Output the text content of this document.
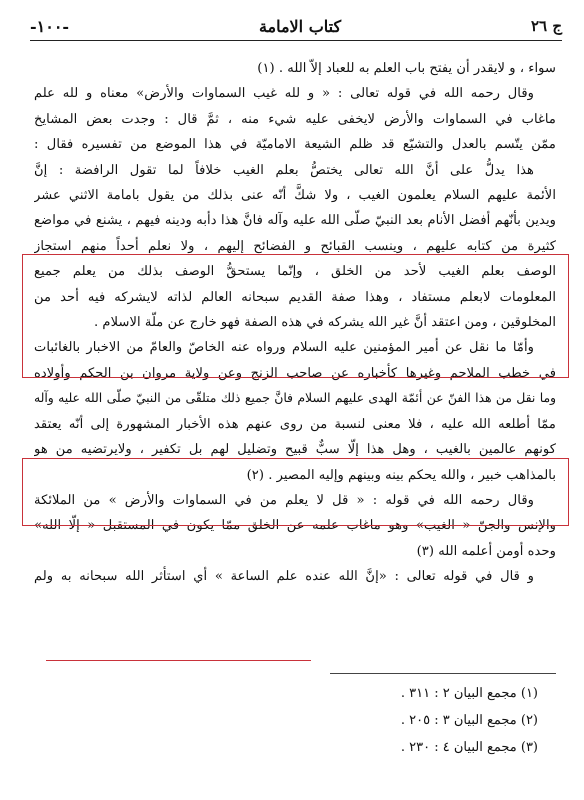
-١٠٠-	كتاب الامامة	ج ٢٦
سواء ، و لايقدر أن يفتح باب العلم به للعباد إلاّ الله . (١)
وقال رحمه الله في قوله تعالى : « و لله غيب السماوات والأرض» معناه و لله علم
ماغاب في السماوات والأرض لايخفى عليه شيء منه ، ثمَّ قال : وجدت بعض المشايخ
ممّن يتّسم بالعدل والتشيّع قد ظلم الشيعة الاماميّة في هذا الموضع من تفسيره فقال :
هذا يدلُّ على أنَّ الله تعالى يختصُّ بعلم الغيب خلافاً لما تقول الرافضة : إنَّ
الأئمة عليهم السلام يعلمون الغيب ، ولا شكَّ أنّه عنى بذلك من يقول بامامة الاثني عشر
ويدين بأنّهم أفضل الأنام بعد النبيّ صلّى الله عليه وآله فانَّ هذا دأبه ودينه فيهم ، يشنع في مواضع
كثيرة من كتابه عليهم ، وينسب القبائح و الفضائح إليهم ، ولا نعلم أحداً منهم استجاز
الوصف بعلم الغيب لأحد من الخلق ، وإنّما يستحقُّ الوصف بذلك من يعلم جميع
المعلومات لابعلم مستفاد ، وهذا صفة القديم سبحانه العالم لذاته لايشركه فيه أحد من
المخلوقين ، ومن اعتقد أنَّ غير الله يشركه في هذه الصفة فهو خارج عن ملّة الاسلام .
وأمّا ما نقل عن أمير المؤمنين عليه السلام ورواه عنه الخاصّ والعامّ من الاخبار بالغائبات
في خطب الملاحم وغيرها كأخباره عن صاحب الزنج وعن ولاية مروان بن الحكم وأولاده
وما نقل من هذا الفنّ عن أئمّة الهدى عليهم السلام فانَّ جميع ذلك متلقّى من النبيّ صلّى الله عليه وآله
ممّا أطلعه الله عليه ، فلا معنى لنسبة من روى عنهم هذه الأخبار المشهورة إلى أنّه يعتقد
كونهم عالمين بالغيب ، وهل هذا إلّا سبٌّ قبيح وتضليل لهم بل تكفير ، ولايرتضيه من هو
بالمذاهب خبير ، والله يحكم بينه وبينهم وإليه المصير . (٢)
وقال رحمه الله في قوله : « قل لا يعلم من في السماوات والأرض » من الملائكة
والإنس والجنّ « الغيب» وهو ماغاب علمه عن الخلق ممّا يكون في المستقبل « إلّا الله»
وحده أومن أعلمه الله (٣)
و قال في قوله تعالى : «إنَّ الله عنده علم الساعة » أي استأثر الله سبحانه به ولم
(١) مجمع البيان ٢ : ٣١١ .
(٢) مجمع البيان ٣ : ٢٠٥ .
(٣) مجمع البيان ٤ : ٢٣٠ .
